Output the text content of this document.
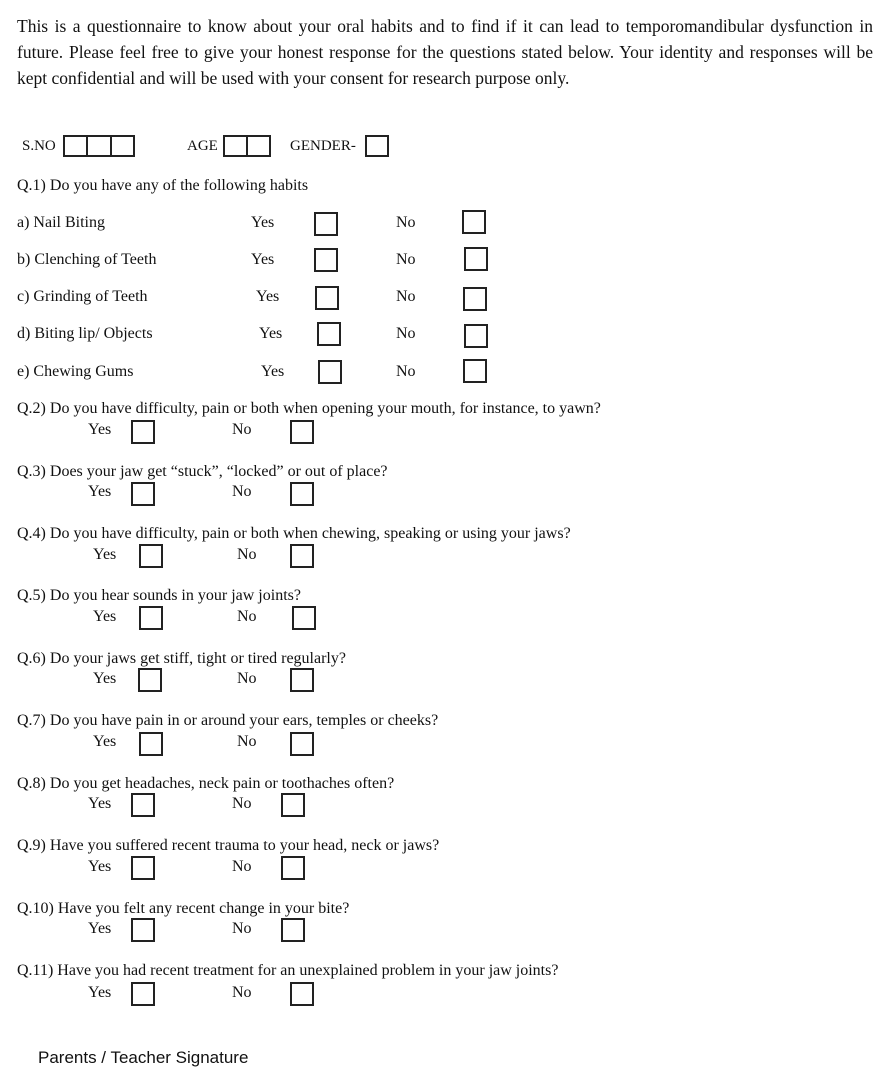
This is a questionnaire to know about your oral habits and to find if it can lead to temporomandibular dysfunction in future. Please feel free to give your honest response for the questions stated below. Your identity and responses will be kept confidential and will be used with your consent for research purpose only.

S.NO	AGE	GENDER-
Q.1) Do you have any of the following habits
a) Nail Biting	Yes	No
b) Clenching of Teeth	Yes	No
c) Grinding of Teeth	Yes	No
d) Biting lip/ Objects	Yes	No
e) Chewing Gums	Yes	No
Q.2) Do you have difficulty, pain or both when opening your mouth, for instance, to yawn?
Yes	No
Q.3) Does your jaw get “stuck”, “locked” or out of place?
Yes	No
Q.4) Do you have difficulty, pain or both when chewing, speaking or using your jaws?
Yes	No
Q.5) Do you hear sounds in your jaw joints?
Yes	No
Q.6) Do your jaws get stiff, tight or tired regularly?
Yes	No
Q.7) Do you have pain in or around your ears, temples or cheeks?
Yes	No
Q.8) Do you get headaches, neck pain or toothaches often?
Yes	No
Q.9) Have you suffered recent trauma to your head, neck or jaws?
Yes	No
Q.10) Have you felt any recent change in your bite?
Yes	No
Q.11) Have you had recent treatment for an unexplained problem in your jaw joints?
Yes	No
Parents / Teacher Signature
